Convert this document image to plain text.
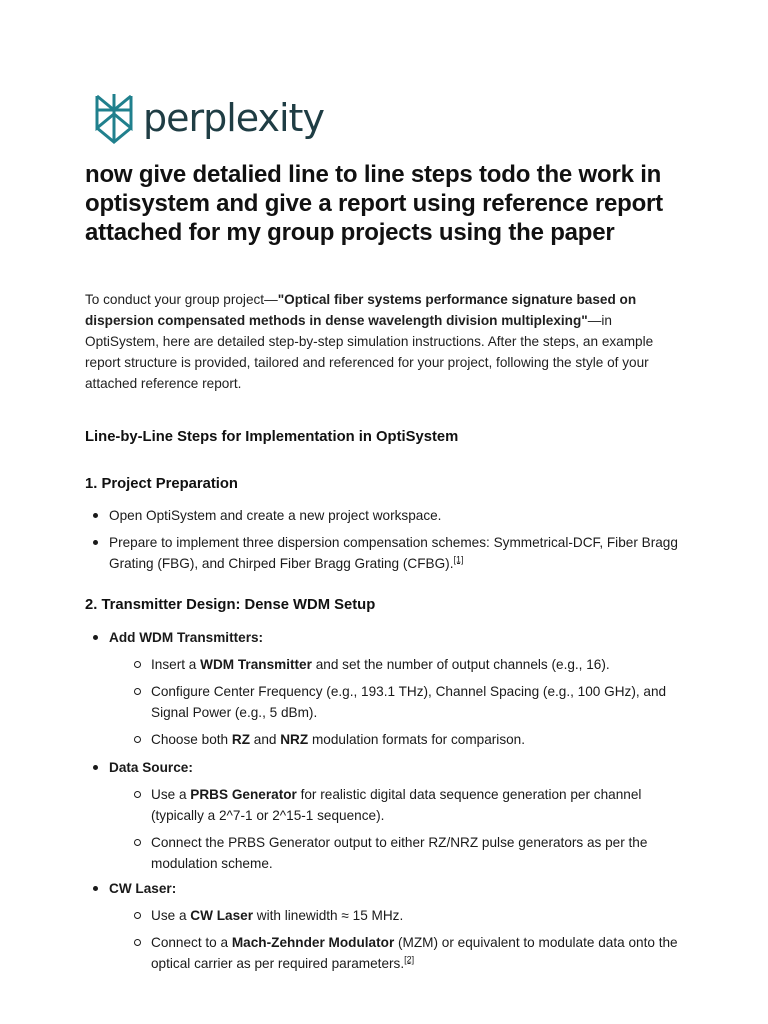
perplexity
now give detalied line to line steps todo the work in optisystem and give a report using reference report attached for my group projects using the paper

To conduct your group project—"Optical fiber systems performance signature based on dispersion compensated methods in dense wavelength division multiplexing"—in OptiSystem, here are detailed step-by-step simulation instructions. After the steps, an example report structure is provided, tailored and referenced for your project, following the style of your attached reference report.

Line-by-Line Steps for Implementation in OptiSystem
1. Project Preparation
Open OptiSystem and create a new project workspace.
Prepare to implement three dispersion compensation schemes: Symmetrical-DCF, Fiber Bragg Grating (FBG), and Chirped Fiber Bragg Grating (CFBG).[1]
2. Transmitter Design: Dense WDM Setup
Add WDM Transmitters:
Insert a WDM Transmitter and set the number of output channels (e.g., 16).
Configure Center Frequency (e.g., 193.1 THz), Channel Spacing (e.g., 100 GHz), and Signal Power (e.g., 5 dBm).
Choose both RZ and NRZ modulation formats for comparison.
Data Source:
Use a PRBS Generator for realistic digital data sequence generation per channel (typically a 2^7-1 or 2^15-1 sequence).
Connect the PRBS Generator output to either RZ/NRZ pulse generators as per the modulation scheme.
CW Laser:
Use a CW Laser with linewidth ≈ 15 MHz.
Connect to a Mach-Zehnder Modulator (MZM) or equivalent to modulate data onto the optical carrier as per required parameters.[2]
